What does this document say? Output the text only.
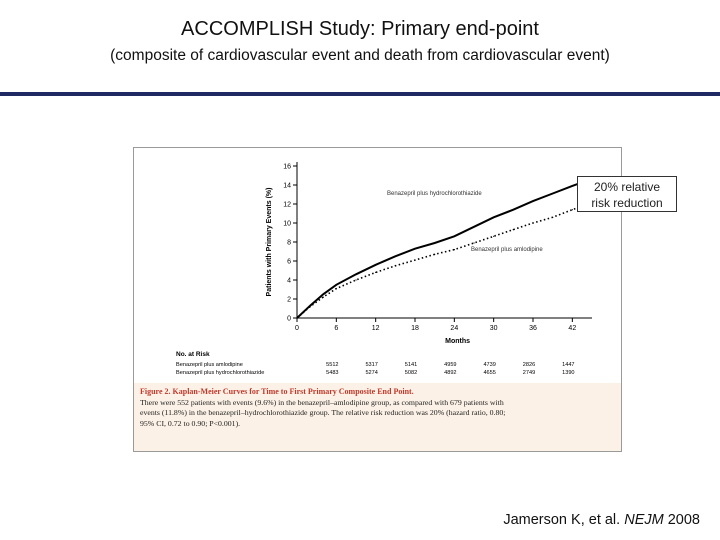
ACCOMPLISH Study: Primary end-point
(composite of cardiovascular event and death from cardiovascular event)
0
2
4
6
8
10
12
14
16
0	6	12	18	24	30	36	42
Months
Patients with Primary Events (%)	Benazepril plus hydrochlorothiazide
Benazepril plus amlodipine
No. at Risk
Benazepril plus amlodipine	5512	5317	5141	4959	4739	2826	1447
Benazepril plus hydrochlorothiazide	5483	5274	5082	4892	4655	2749	1390
Figure 2. Kaplan-Meier Curves for Time to First Primary Composite End Point.
There were 552 patients with events (9.6%) in the benazepril–amlodipine group, as compared with 679 patients with
events (11.8%) in the benazepril–hydrochlorothiazide group. The relative risk reduction was 20% (hazard ratio, 0.80;
95% CI, 0.72 to 0.90; P<0.001).
20% relative
risk reduction
Jamerson K, et al. NEJM 2008
